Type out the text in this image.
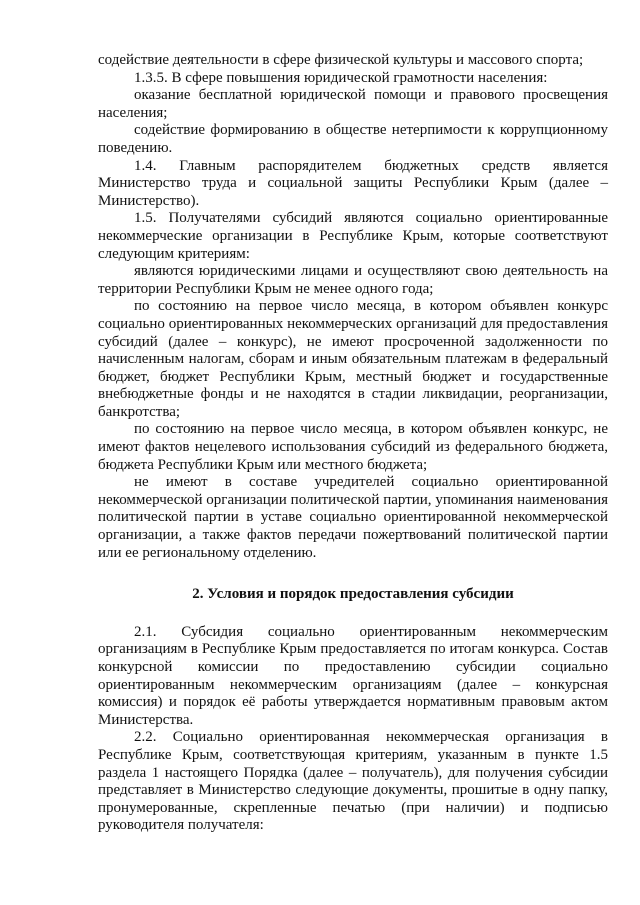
содействие деятельности в сфере физической культуры и массового спорта;

1.3.5. В сфере повышения юридической грамотности населения:

оказание бесплатной юридической помощи и правового просвещения населения;

содействие формированию в обществе нетерпимости к коррупционному поведению.

1.4. Главным распорядителем бюджетных средств является Министерство труда и социальной защиты Республики Крым (далее – Министерство).

1.5. Получателями субсидий являются социально ориентированные некоммерческие организации в Республике Крым, которые соответствуют следующим критериям:

являются юридическими лицами и осуществляют свою деятельность на территории Республики Крым не менее одного года;

по состоянию на первое число месяца, в котором объявлен конкурс социально ориентированных некоммерческих организаций для предоставления субсидий (далее – конкурс), не имеют просроченной задолженности по начисленным налогам, сборам и иным обязательным платежам в федеральный бюджет, бюджет Республики Крым, местный бюджет и государственные внебюджетные фонды и не находятся в стадии ликвидации, реорганизации, банкротства;

по состоянию на первое число месяца, в котором объявлен конкурс, не имеют фактов нецелевого использования субсидий из федерального бюджета, бюджета Республики Крым или местного бюджета;

не имеют в составе учредителей социально ориентированной некоммерческой организации политической партии, упоминания наименования политической партии в уставе социально ориентированной некоммерческой организации, а также фактов передачи пожертвований политической партии или ее региональному отделению.

2. Условия и порядок предоставления субсидии

2.1. Субсидия социально ориентированным некоммерческим организациям в Республике Крым предоставляется по итогам конкурса. Состав конкурсной комиссии по предоставлению субсидии социально ориентированным некоммерческим организациям (далее – конкурсная комиссия) и порядок её работы утверждается нормативным правовым актом Министерства.

2.2. Социально ориентированная некоммерческая организация в Республике Крым, соответствующая критериям, указанным в пункте 1.5 раздела 1 настоящего Порядка (далее – получатель), для получения субсидии представляет в Министерство следующие документы, прошитые в одну папку, пронумерованные, скрепленные печатью (при наличии) и подписью руководителя получателя:
